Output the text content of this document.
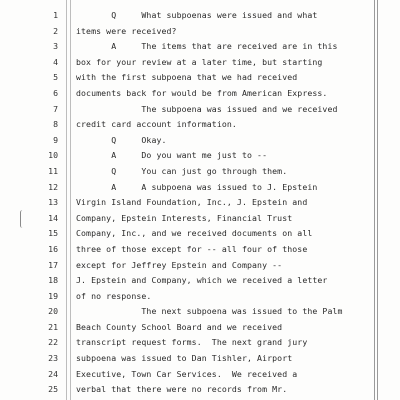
1 Q     What subpoenas were issued and what
2 items were received?
3 A     The items that are received are in this
4 box for your review at a later time, but starting
5 with the first subpoena that we had received
6 documents back for would be from American Express.
7 The subpoena was issued and we received
8 credit card account information.
9 Q     Okay.
10 A     Do you want me just to --
11 Q     You can just go through them.
12 A     A subpoena was issued to J. Epstein
13 Virgin Island Foundation, Inc., J. Epstein and
14 Company, Epstein Interests, Financial Trust
15 Company, Inc., and we received documents on all
16 three of those except for -- all four of those
17 except for Jeffrey Epstein and Company --
18 J. Epstein and Company, which we received a letter
19 of no response.
20 The next subpoena was issued to the Palm
21 Beach County School Board and we received
22 transcript request forms.  The next grand jury
23 subpoena was issued to Dan Tishler, Airport
24 Executive, Town Car Services.  We received a
25 verbal that there were no records from Mr.
